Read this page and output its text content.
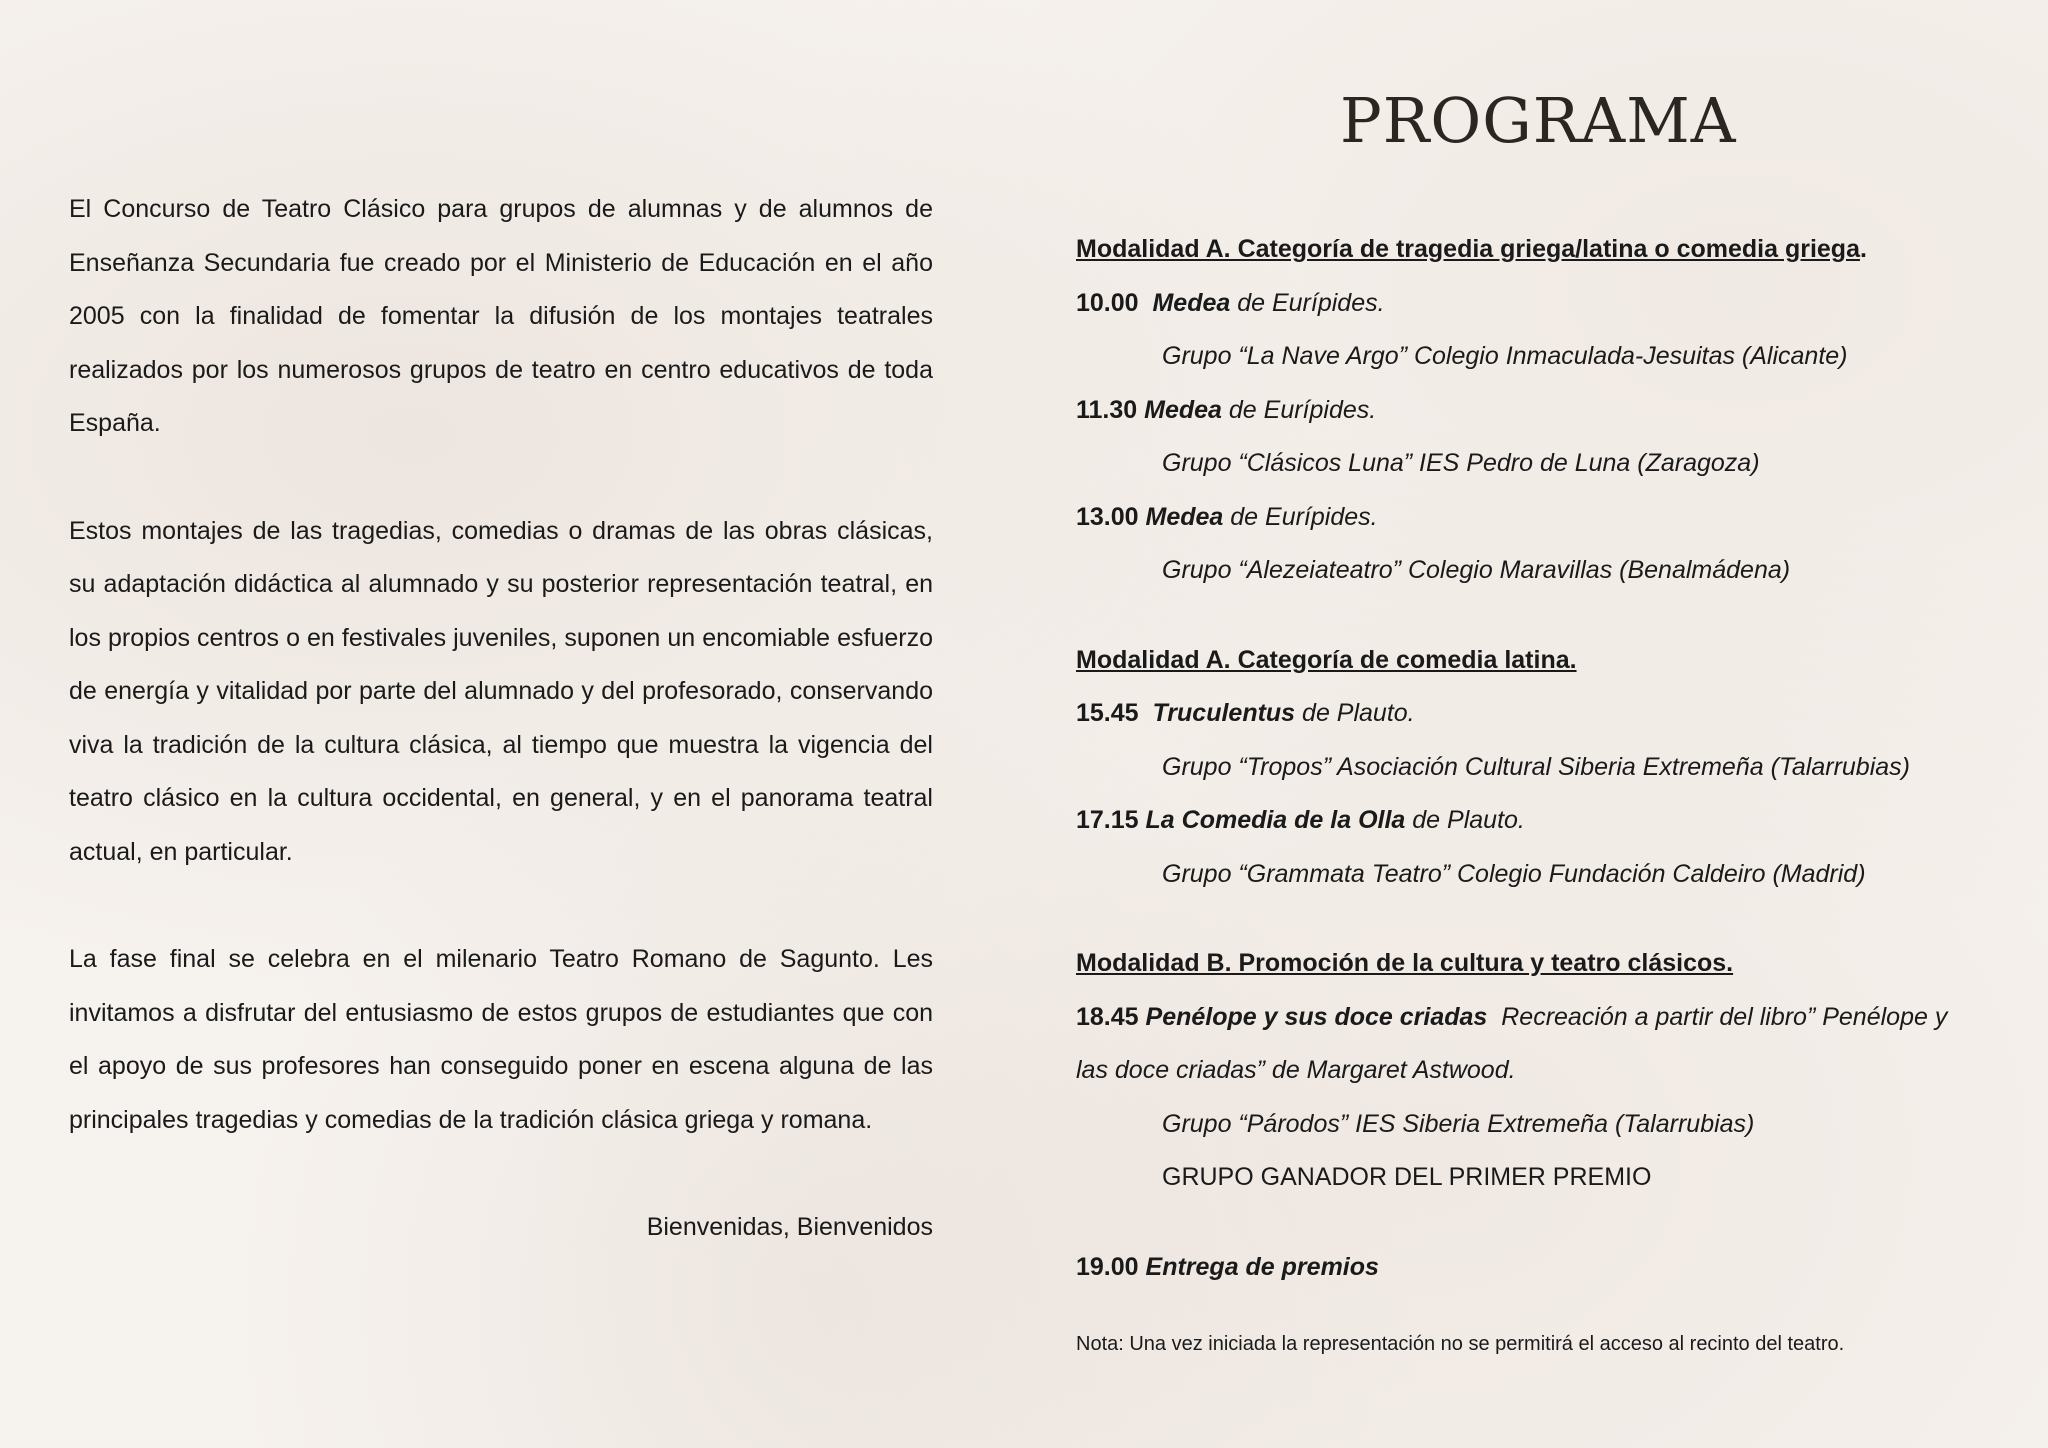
El Concurso de Teatro Clásico para grupos de alumnas y de alumnos de Enseñanza Secundaria fue creado por el Ministerio de Educación en el año 2005 con la finalidad de fomentar la difusión de los montajes teatrales realizados por los numerosos grupos de teatro en centro educativos de toda España.

Estos montajes de las tragedias, comedias o dramas de las obras clásicas, su adaptación didáctica al alumnado y su posterior representación teatral, en los propios centros o en festivales juveniles, suponen un encomiable esfuerzo de energía y vitalidad por parte del alumnado y del profesorado, conservando viva la tradición de la cultura clásica, al tiempo que muestra la vigencia del teatro clásico en la cultura occidental, en general, y en el panorama teatral actual, en particular.

La fase final se celebra en el milenario Teatro Romano de Sagunto. Les invitamos a disfrutar del entusiasmo de estos grupos de estudiantes que con el apoyo de sus profesores han conseguido poner en escena alguna de las principales tragedias y comedias de la tradición clásica griega y romana.

Bienvenidas, Bienvenidos
PROGRAMA
Modalidad A. Categoría de tragedia griega/latina o comedia griega.
10.00 Medea de Eurípides.
Grupo “La Nave Argo” Colegio Inmaculada-Jesuitas (Alicante)
11.30 Medea de Eurípides.
Grupo “Clásicos Luna” IES Pedro de Luna (Zaragoza)
13.00 Medea de Eurípides.
Grupo “Alezeiateatro” Colegio Maravillas (Benalmádena)
Modalidad A. Categoría de comedia latina.
15.45 Truculentus de Plauto.
Grupo “Tropos” Asociación Cultural Siberia Extremeña (Talarrubias)
17.15 La Comedia de la Olla de Plauto.
Grupo “Grammata Teatro” Colegio Fundación Caldeiro (Madrid)
Modalidad B. Promoción de la cultura y teatro clásicos.
18.45 Penélope y sus doce criadas Recreación a partir del libro” Penélope y
las doce criadas” de Margaret Astwood.
Grupo “Párodos” IES Siberia Extremeña (Talarrubias)
GRUPO GANADOR DEL PRIMER PREMIO
19.00 Entrega de premios
Nota: Una vez iniciada la representación no se permitirá el acceso al recinto del teatro.
